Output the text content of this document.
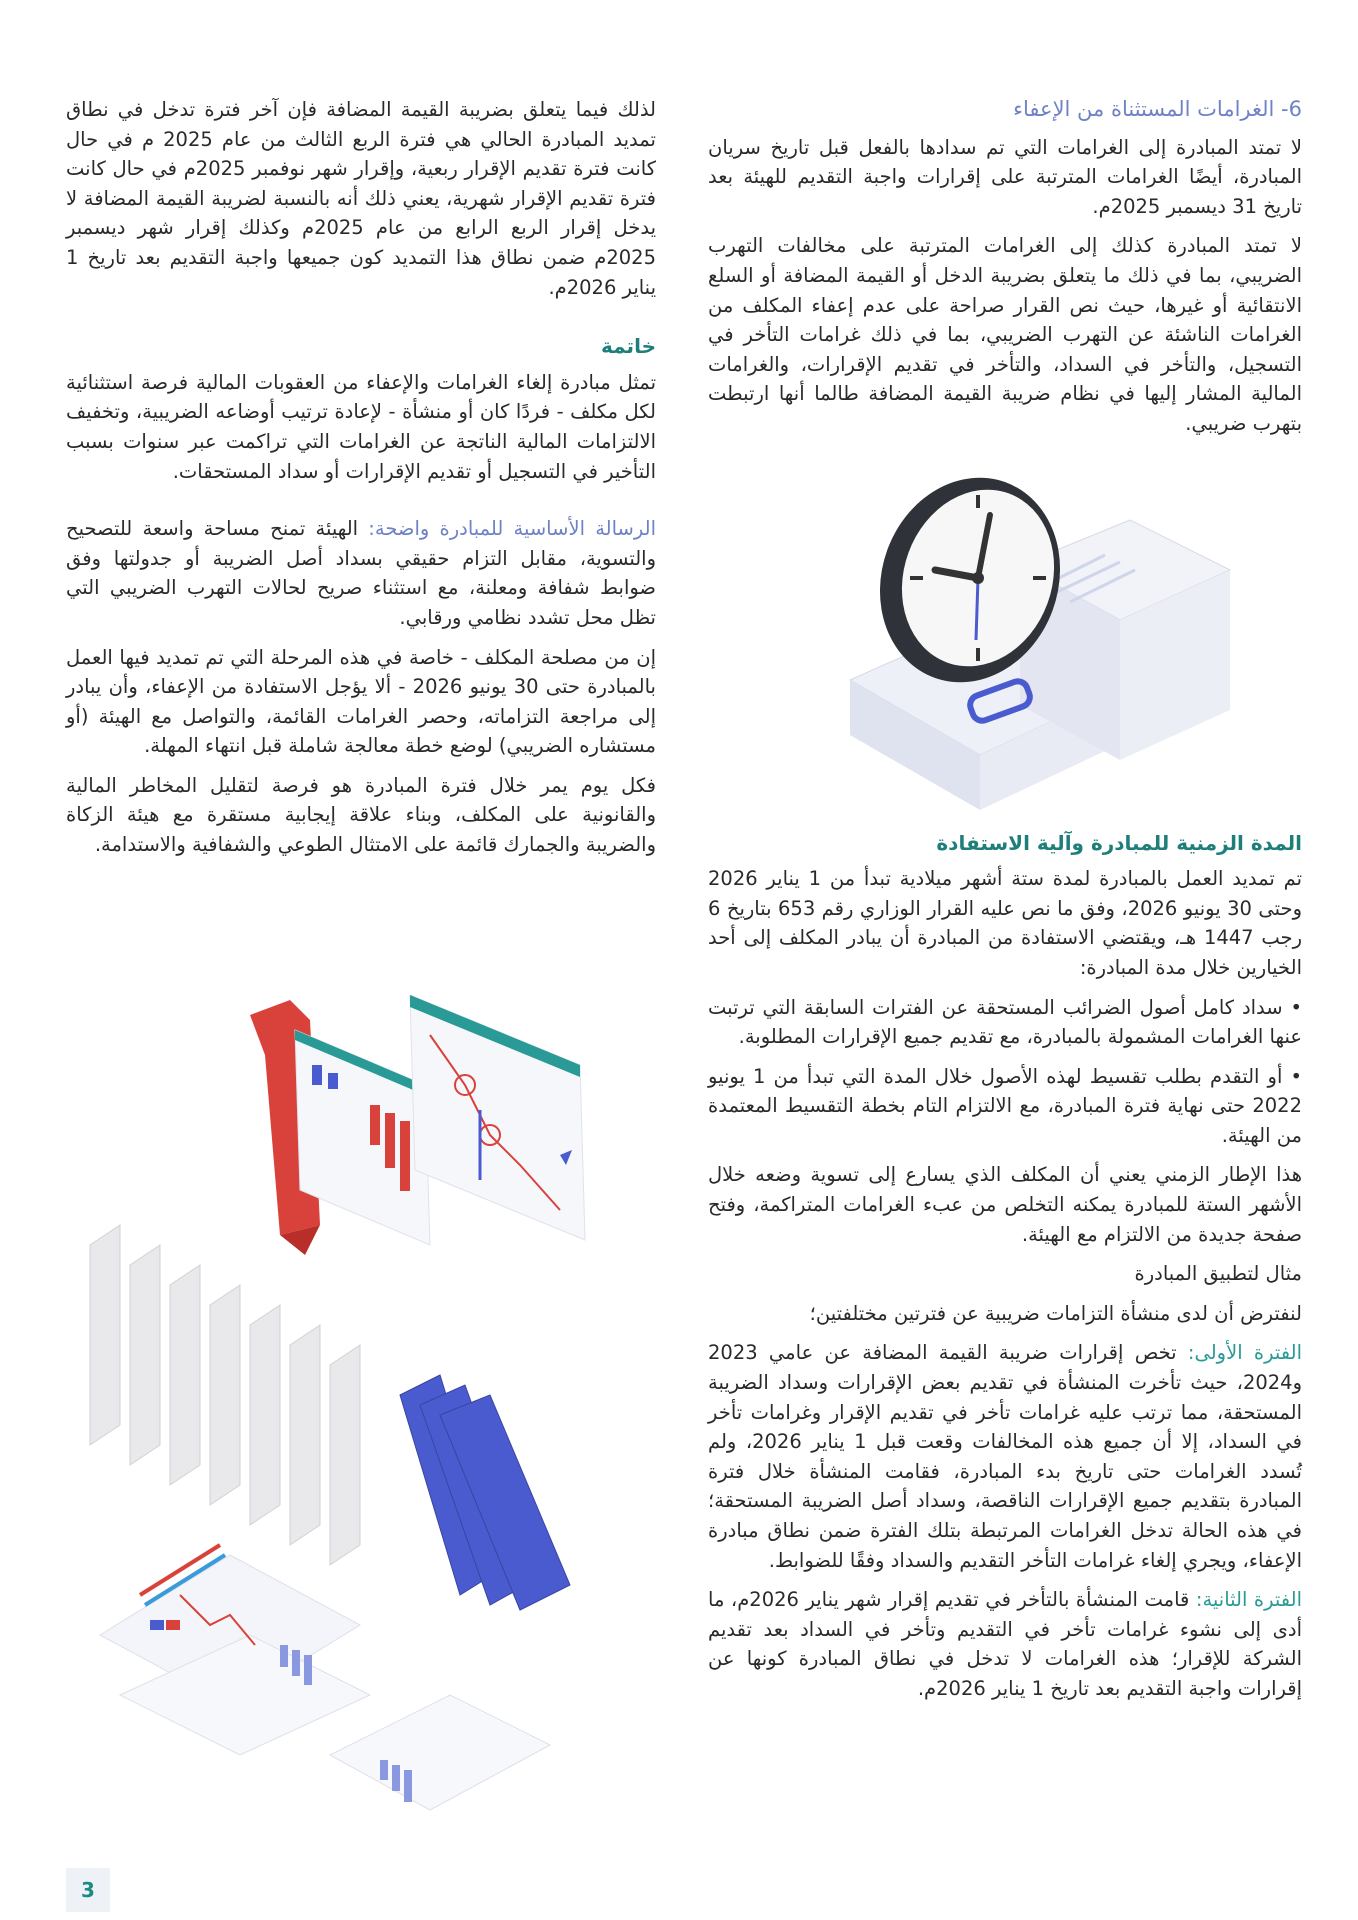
6- الغرامات المستثناة من الإعفاء

لا تمتد المبادرة إلى الغرامات التي تم سدادها بالفعل قبل تاريخ سريان المبادرة، أيضًا الغرامات المترتبة على إقرارات واجبة التقديم للهيئة بعد تاريخ 31 ديسمبر 2025م.

لا تمتد المبادرة كذلك إلى الغرامات المترتبة على مخالفات التهرب الضريبي، بما في ذلك ما يتعلق بضريبة الدخل أو القيمة المضافة أو السلع الانتقائية أو غيرها، حيث نص القرار صراحة على عدم إعفاء المكلف من الغرامات الناشئة عن التهرب الضريبي، بما في ذلك غرامات التأخر في التسجيل، والتأخر في السداد، والتأخر في تقديم الإقرارات، والغرامات المالية المشار إليها في نظام ضريبة القيمة المضافة طالما أنها ارتبطت بتهرب ضريبي.

المدة الزمنية للمبادرة وآلية الاستفادة

تم تمديد العمل بالمبادرة لمدة ستة أشهر ميلادية تبدأ من 1 يناير 2026 وحتى 30 يونيو 2026، وفق ما نص عليه القرار الوزاري رقم 653 بتاريخ 6 رجب 1447 هـ، ويقتضي الاستفادة من المبادرة أن يبادر المكلف إلى أحد الخيارين خلال مدة المبادرة:

• سداد كامل أصول الضرائب المستحقة عن الفترات السابقة التي ترتبت عنها الغرامات المشمولة بالمبادرة، مع تقديم جميع الإقرارات المطلوبة.

• أو التقدم بطلب تقسيط لهذه الأصول خلال المدة التي تبدأ من 1 يونيو 2022 حتى نهاية فترة المبادرة، مع الالتزام التام بخطة التقسيط المعتمدة من الهيئة.

هذا الإطار الزمني يعني أن المكلف الذي يسارع إلى تسوية وضعه خلال الأشهر الستة للمبادرة يمكنه التخلص من عبء الغرامات المتراكمة، وفتح صفحة جديدة من الالتزام مع الهيئة.

مثال لتطبيق المبادرة

لنفترض أن لدى منشأة التزامات ضريبية عن فترتين مختلفتين؛

الفترة الأولى: تخص إقرارات ضريبة القيمة المضافة عن عامي 2023 و2024، حيث تأخرت المنشأة في تقديم بعض الإقرارات وسداد الضريبة المستحقة، مما ترتب عليه غرامات تأخر في تقديم الإقرار وغرامات تأخر في السداد، إلا أن جميع هذه المخالفات وقعت قبل 1 يناير 2026، ولم تُسدد الغرامات حتى تاريخ بدء المبادرة، فقامت المنشأة خلال فترة المبادرة بتقديم جميع الإقرارات الناقصة، وسداد أصل الضريبة المستحقة؛ في هذه الحالة تدخل الغرامات المرتبطة بتلك الفترة ضمن نطاق مبادرة الإعفاء، ويجري إلغاء غرامات التأخر التقديم والسداد وفقًا للضوابط.

الفترة الثانية: قامت المنشأة بالتأخر في تقديم إقرار شهر يناير 2026م، ما أدى إلى نشوء غرامات تأخر في التقديم وتأخر في السداد بعد تقديم الشركة للإقرار؛ هذه الغرامات لا تدخل في نطاق المبادرة كونها عن إقرارات واجبة التقديم بعد تاريخ 1 يناير 2026م.

لذلك فيما يتعلق بضريبة القيمة المضافة فإن آخر فترة تدخل في نطاق تمديد المبادرة الحالي هي فترة الربع الثالث من عام 2025 م في حال كانت فترة تقديم الإقرار ربعية، وإقرار شهر نوفمبر 2025م في حال كانت فترة تقديم الإقرار شهرية، يعني ذلك أنه بالنسبة لضريبة القيمة المضافة لا يدخل إقرار الربع الرابع من عام 2025م وكذلك إقرار شهر ديسمبر 2025م ضمن نطاق هذا التمديد كون جميعها واجبة التقديم بعد تاريخ 1 يناير 2026م.

خاتمة

تمثل مبادرة إلغاء الغرامات والإعفاء من العقوبات المالية فرصة استثنائية لكل مكلف - فردًا كان أو منشأة - لإعادة ترتيب أوضاعه الضريبية، وتخفيف الالتزامات المالية الناتجة عن الغرامات التي تراكمت عبر سنوات بسبب التأخير في التسجيل أو تقديم الإقرارات أو سداد المستحقات.

الرسالة الأساسية للمبادرة واضحة: الهيئة تمنح مساحة واسعة للتصحيح والتسوية، مقابل التزام حقيقي بسداد أصل الضريبة أو جدولتها وفق ضوابط شفافة ومعلنة، مع استثناء صريح لحالات التهرب الضريبي التي تظل محل تشدد نظامي ورقابي.

إن من مصلحة المكلف - خاصة في هذه المرحلة التي تم تمديد فيها العمل بالمبادرة حتى 30 يونيو 2026 - ألا يؤجل الاستفادة من الإعفاء، وأن يبادر إلى مراجعة التزاماته، وحصر الغرامات القائمة، والتواصل مع الهيئة (أو مستشاره الضريبي) لوضع خطة معالجة شاملة قبل انتهاء المهلة.

فكل يوم يمر خلال فترة المبادرة هو فرصة لتقليل المخاطر المالية والقانونية على المكلف، وبناء علاقة إيجابية مستقرة مع هيئة الزكاة والضريبة والجمارك قائمة على الامتثال الطوعي والشفافية والاستدامة.

3
